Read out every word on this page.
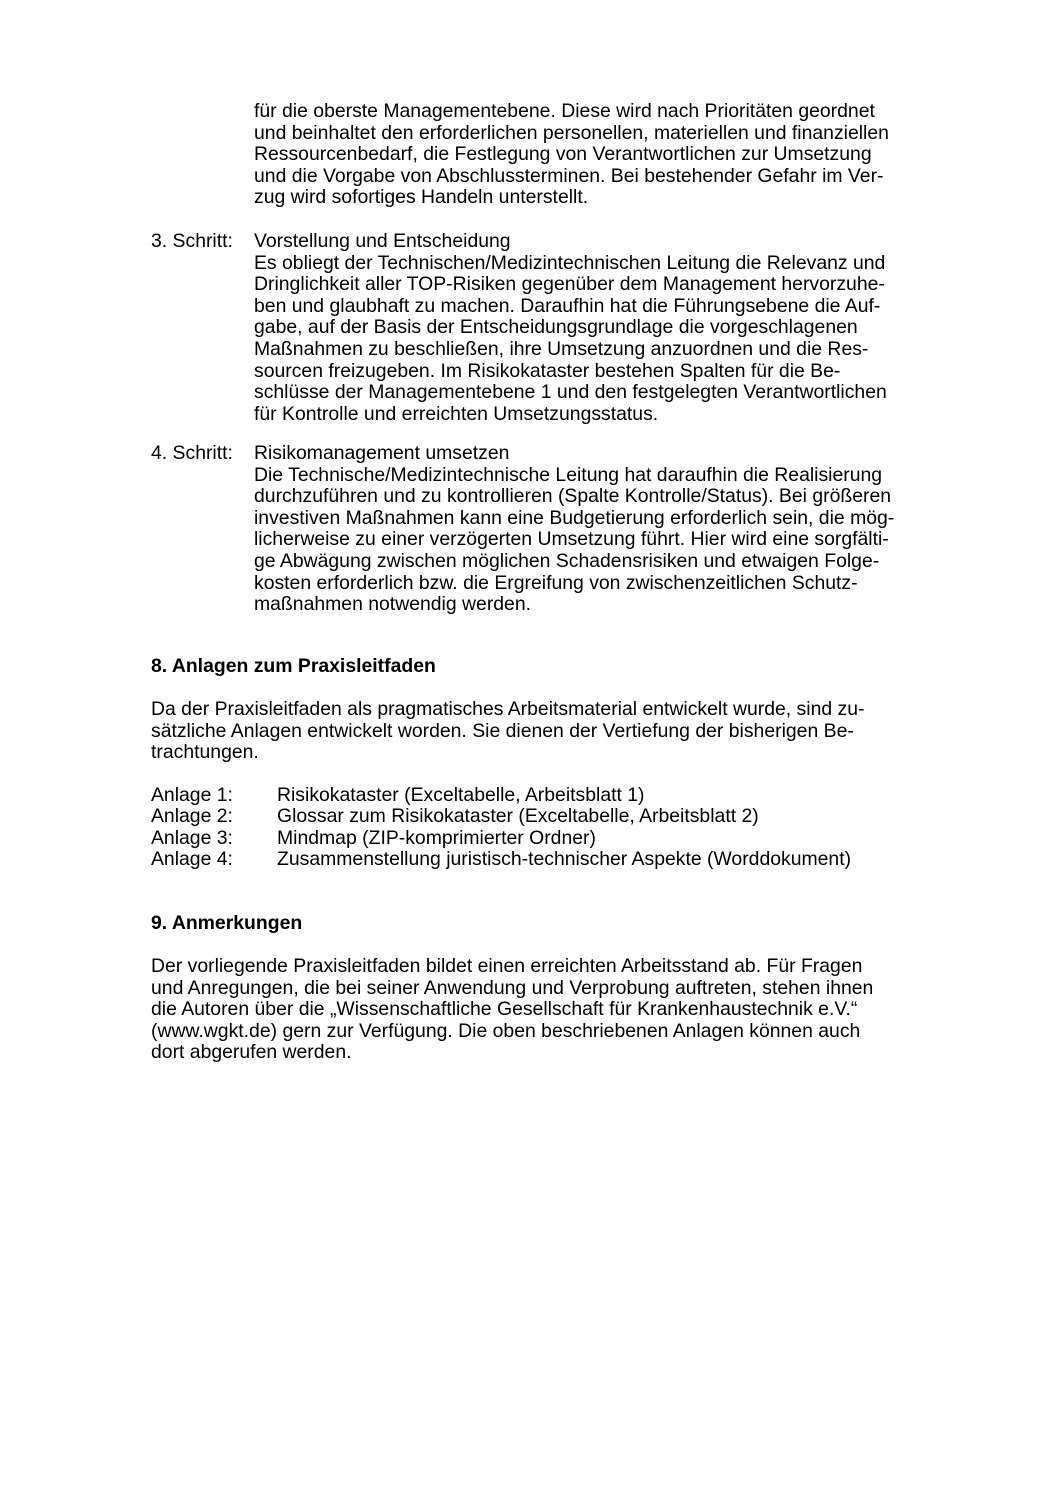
für die oberste Managementebene. Diese wird nach Prioritäten geordnet
und beinhaltet den erforderlichen personellen, materiellen und finanziellen
Ressourcenbedarf, die Festlegung von Verantwortlichen zur Umsetzung
und die Vorgabe von Abschlussterminen. Bei bestehender Gefahr im Ver-
zug wird sofortiges Handeln unterstellt.
3. Schritt: Vorstellung und Entscheidung
Es obliegt der Technischen/Medizintechnischen Leitung die Relevanz und
Dringlichkeit aller TOP-Risiken gegenüber dem Management hervorzuhe-
ben und glaubhaft zu machen. Daraufhin hat die Führungsebene die Auf-
gabe, auf der Basis der Entscheidungsgrundlage die vorgeschlagenen
Maßnahmen zu beschließen, ihre Umsetzung anzuordnen und die Res-
sourcen freizugeben. Im Risikokataster bestehen Spalten für die Be-
schlüsse der Managementebene 1 und den festgelegten Verantwortlichen
für Kontrolle und erreichten Umsetzungsstatus.
4. Schritt: Risikomanagement umsetzen
Die Technische/Medizintechnische Leitung hat daraufhin die Realisierung
durchzuführen und zu kontrollieren (Spalte Kontrolle/Status). Bei größeren
investiven Maßnahmen kann eine Budgetierung erforderlich sein, die mög-
licherweise zu einer verzögerten Umsetzung führt. Hier wird eine sorgfälti-
ge Abwägung zwischen möglichen Schadensrisiken und etwaigen Folge-
kosten erforderlich bzw. die Ergreifung von zwischenzeitlichen Schutz-
maßnahmen notwendig werden.
8. Anlagen zum Praxisleitfaden
Da der Praxisleitfaden als pragmatisches Arbeitsmaterial entwickelt wurde, sind zu-
sätzliche Anlagen entwickelt worden. Sie dienen der Vertiefung der bisherigen Be-
trachtungen.
Anlage 1: Risikokataster (Exceltabelle, Arbeitsblatt 1)
Anlage 2: Glossar zum Risikokataster (Exceltabelle, Arbeitsblatt 2)
Anlage 3: Mindmap (ZIP-komprimierter Ordner)
Anlage 4: Zusammenstellung juristisch-technischer Aspekte (Worddokument)
9. Anmerkungen
Der vorliegende Praxisleitfaden bildet einen erreichten Arbeitsstand ab. Für Fragen
und Anregungen, die bei seiner Anwendung und Verprobung auftreten, stehen ihnen
die Autoren über die „Wissenschaftliche Gesellschaft für Krankenhaustechnik e.V.“
(www.wgkt.de) gern zur Verfügung. Die oben beschriebenen Anlagen können auch
dort abgerufen werden.
